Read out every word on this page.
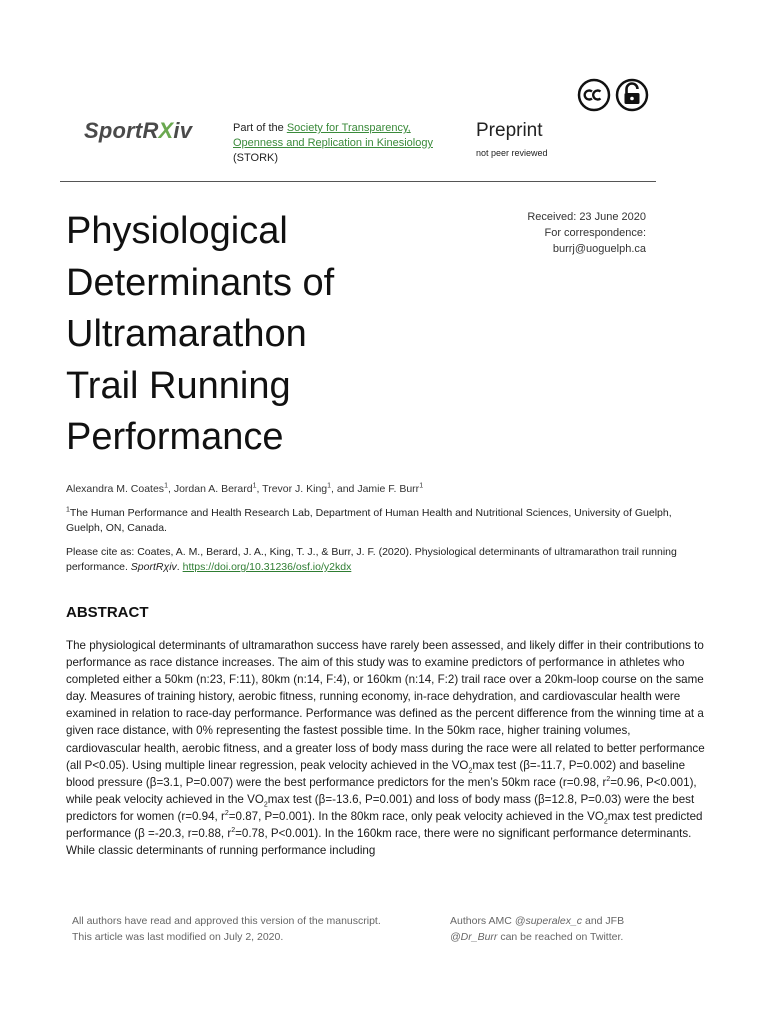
SportRXiv	Part of the Society for Transparency, Openness and Replication in Kinesiology (STORK)
Preprint
not peer reviewed
Received: 23 June 2020
For correspondence:
burrj@uoguelph.ca
Physiological
Determinants of
Ultramarathon
Trail Running
Performance
Alexandra M. Coates$^1$, Jordan A. Berard$^1$, Trevor J. King$^1$, and Jamie F. Burr$^1$
$^1$The Human Performance and Health Research Lab, Department of Human Health and Nutritional Sciences, University of Guelph, Guelph, ON, Canada.
Please cite as: Coates, A. M., Berard, J. A., King, T. J., & Burr, J. F. (2020). Physiological determinants of ultramarathon trail running performance. SportRχiv. https://doi.org/10.31236/osf.io/y2kdx
ABSTRACT
The physiological determinants of ultramarathon success have rarely been assessed, and likely differ in their contributions to performance as race distance increases. The aim of this study was to examine predictors of performance in athletes who completed either a 50km (n:23, F:11), 80km (n:14, F:4), or 160km (n:14, F:2) trail race over a 20km-loop course on the same day. Measures of training history, aerobic fitness, running economy, in-race dehydration, and cardiovascular health were examined in relation to race-day performance. Performance was defined as the percent difference from the winning time at a given race distance, with 0% representing the fastest possible time. In the 50km race, higher training volumes, cardiovascular health, aerobic fitness, and a greater loss of body mass during the race were all related to better performance (all P<0.05). Using multiple linear regression, peak velocity achieved in the $VO_2\max$ test (β=-11.7, P=0.002) and baseline blood pressure (β=3.1, P=0.007) were the best performance predictors for the men’s 50km race (r=0.98, $r^2=0.96$, P<0.001), while peak velocity achieved in the $VO_2\max$ test (β=-13.6, P=0.001) and loss of body mass (β=12.8, P=0.03) were the best predictors for women (r=0.94, $r^2=0.87$, P=0.001). In the 80km race, only peak velocity achieved in the $VO_2\max$ test predicted performance (β =-20.3, r=0.88, $r^2=0.78$, P<0.001). In the 160km race, there were no significant performance determinants. While classic determinants of running performance including
All authors have read and approved this version of the manuscript.
This article was last modified on July 2, 2020.
Authors AMC @superalex_c and JFB
@Dr_Burr can be reached on Twitter.
